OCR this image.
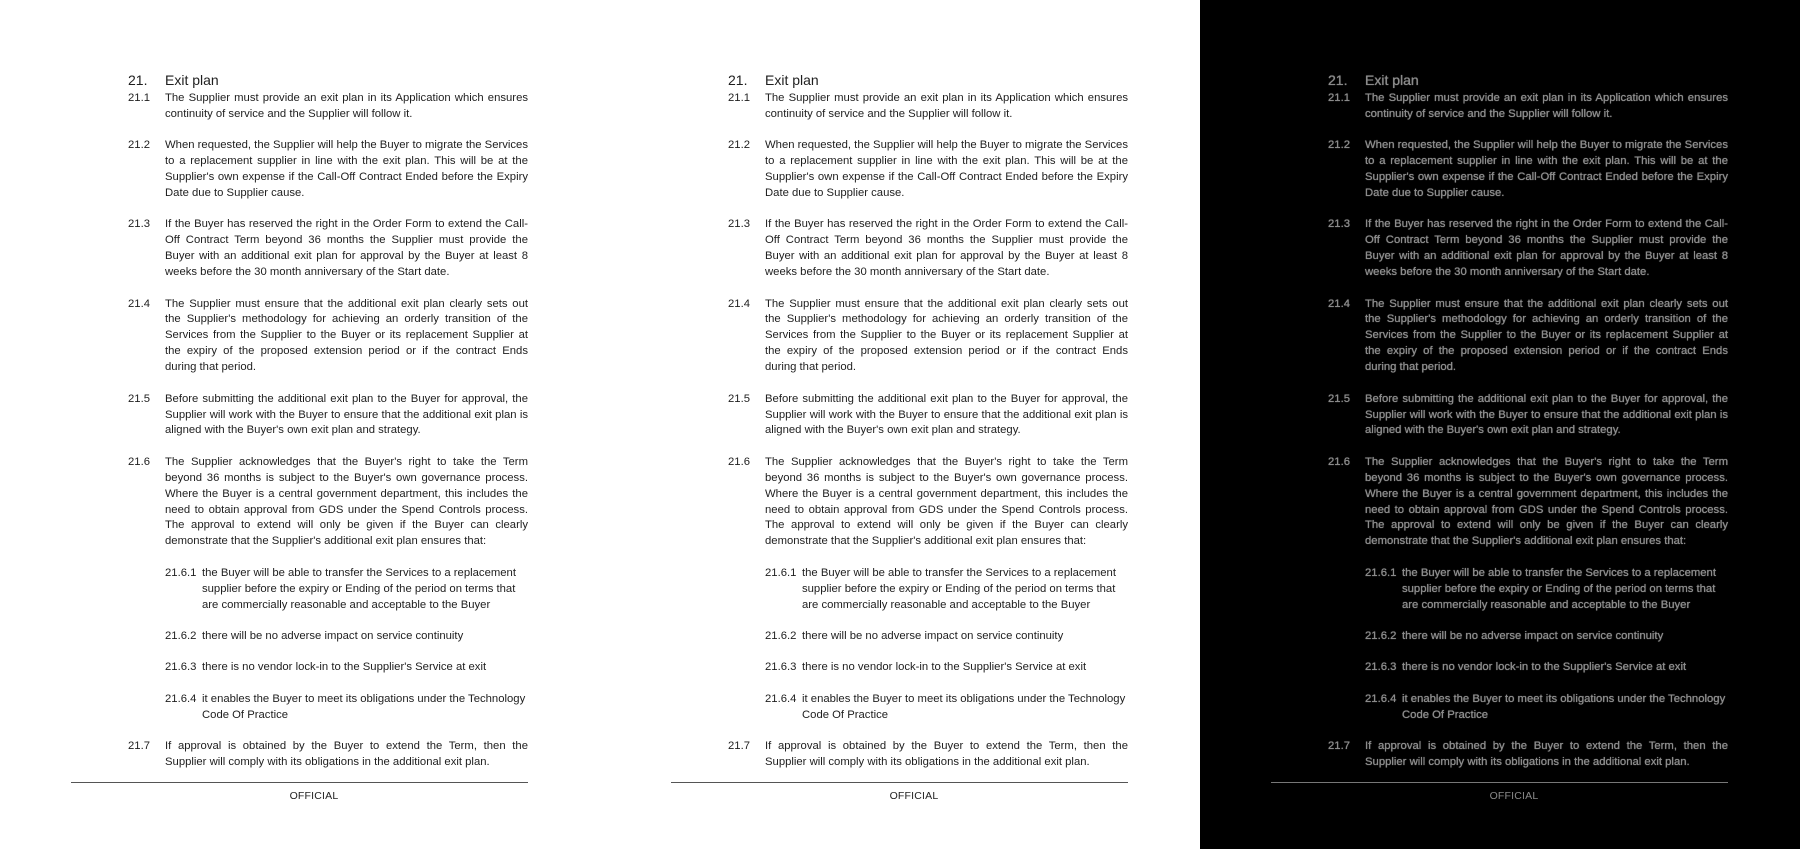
21.	Exit plan
21.1	The Supplier must provide an exit plan in its Application which ensures continuity of service and the Supplier will follow it.
21.2	When requested, the Supplier will help the Buyer to migrate the Services to a replacement supplier in line with the exit plan. This will be at the Supplier's own expense if the Call-Off Contract Ended before the Expiry Date due to Supplier cause.
21.3	If the Buyer has reserved the right in the Order Form to extend the Call-Off Contract Term beyond 36 months the Supplier must provide the Buyer with an additional exit plan for approval by the Buyer at least 8 weeks before the 30 month anniversary of the Start date.
21.4	The Supplier must ensure that the additional exit plan clearly sets out the Supplier's methodology for achieving an orderly transition of the Services from the Supplier to the Buyer or its replacement Supplier at the expiry of the proposed extension period or if the contract Ends during that period.
21.5	Before submitting the additional exit plan to the Buyer for approval, the Supplier will work with the Buyer to ensure that the additional exit plan is aligned with the Buyer's own exit plan and strategy.
21.6	The Supplier acknowledges that the Buyer's right to take the Term beyond 36 months is subject to the Buyer's own governance process. Where the Buyer is a central government department, this includes the need to obtain approval from GDS under the Spend Controls process. The approval to extend will only be given if the Buyer can clearly demonstrate that the Supplier's additional exit plan ensures that:
21.6.1 the Buyer will be able to transfer the Services to a replacement supplier before the expiry or Ending of the period on terms that are commercially reasonable and acceptable to the Buyer
21.6.2 there will be no adverse impact on service continuity
21.6.3 there is no vendor lock-in to the Supplier's Service at exit
21.6.4 it enables the Buyer to meet its obligations under the Technology Code Of Practice
21.7	If approval is obtained by the Buyer to extend the Term, then the Supplier will comply with its obligations in the additional exit plan.
OFFICIAL
21.	Exit plan
21.1	The Supplier must provide an exit plan in its Application which ensures continuity of service and the Supplier will follow it.
21.2	When requested, the Supplier will help the Buyer to migrate the Services to a replacement supplier in line with the exit plan. This will be at the Supplier's own expense if the Call-Off Contract Ended before the Expiry Date due to Supplier cause.
21.3	If the Buyer has reserved the right in the Order Form to extend the Call-Off Contract Term beyond 36 months the Supplier must provide the Buyer with an additional exit plan for approval by the Buyer at least 8 weeks before the 30 month anniversary of the Start date.
21.4	The Supplier must ensure that the additional exit plan clearly sets out the Supplier's methodology for achieving an orderly transition of the Services from the Supplier to the Buyer or its replacement Supplier at the expiry of the proposed extension period or if the contract Ends during that period.
21.5	Before submitting the additional exit plan to the Buyer for approval, the Supplier will work with the Buyer to ensure that the additional exit plan is aligned with the Buyer's own exit plan and strategy.
21.6	The Supplier acknowledges that the Buyer's right to take the Term beyond 36 months is subject to the Buyer's own governance process. Where the Buyer is a central government department, this includes the need to obtain approval from GDS under the Spend Controls process. The approval to extend will only be given if the Buyer can clearly demonstrate that the Supplier's additional exit plan ensures that:
21.6.1 the Buyer will be able to transfer the Services to a replacement supplier before the expiry or Ending of the period on terms that are commercially reasonable and acceptable to the Buyer
21.6.2 there will be no adverse impact on service continuity
21.6.3 there is no vendor lock-in to the Supplier's Service at exit
21.6.4 it enables the Buyer to meet its obligations under the Technology Code Of Practice
21.7	If approval is obtained by the Buyer to extend the Term, then the Supplier will comply with its obligations in the additional exit plan.
OFFICIAL
21.	Exit plan
21.1	The Supplier must provide an exit plan in its Application which ensures continuity of service and the Supplier will follow it.
21.2	When requested, the Supplier will help the Buyer to migrate the Services to a replacement supplier in line with the exit plan. This will be at the Supplier's own expense if the Call-Off Contract Ended before the Expiry Date due to Supplier cause.
21.3	If the Buyer has reserved the right in the Order Form to extend the Call-Off Contract Term beyond 36 months the Supplier must provide the Buyer with an additional exit plan for approval by the Buyer at least 8 weeks before the 30 month anniversary of the Start date.
21.4	The Supplier must ensure that the additional exit plan clearly sets out the Supplier's methodology for achieving an orderly transition of the Services from the Supplier to the Buyer or its replacement Supplier at the expiry of the proposed extension period or if the contract Ends during that period.
21.5	Before submitting the additional exit plan to the Buyer for approval, the Supplier will work with the Buyer to ensure that the additional exit plan is aligned with the Buyer's own exit plan and strategy.
21.6	The Supplier acknowledges that the Buyer's right to take the Term beyond 36 months is subject to the Buyer's own governance process. Where the Buyer is a central government department, this includes the need to obtain approval from GDS under the Spend Controls process. The approval to extend will only be given if the Buyer can clearly demonstrate that the Supplier's additional exit plan ensures that:
21.6.1 the Buyer will be able to transfer the Services to a replacement supplier before the expiry or Ending of the period on terms that are commercially reasonable and acceptable to the Buyer
21.6.2 there will be no adverse impact on service continuity
21.6.3 there is no vendor lock-in to the Supplier's Service at exit
21.6.4 it enables the Buyer to meet its obligations under the Technology Code Of Practice
21.7	If approval is obtained by the Buyer to extend the Term, then the Supplier will comply with its obligations in the additional exit plan.
OFFICIAL
